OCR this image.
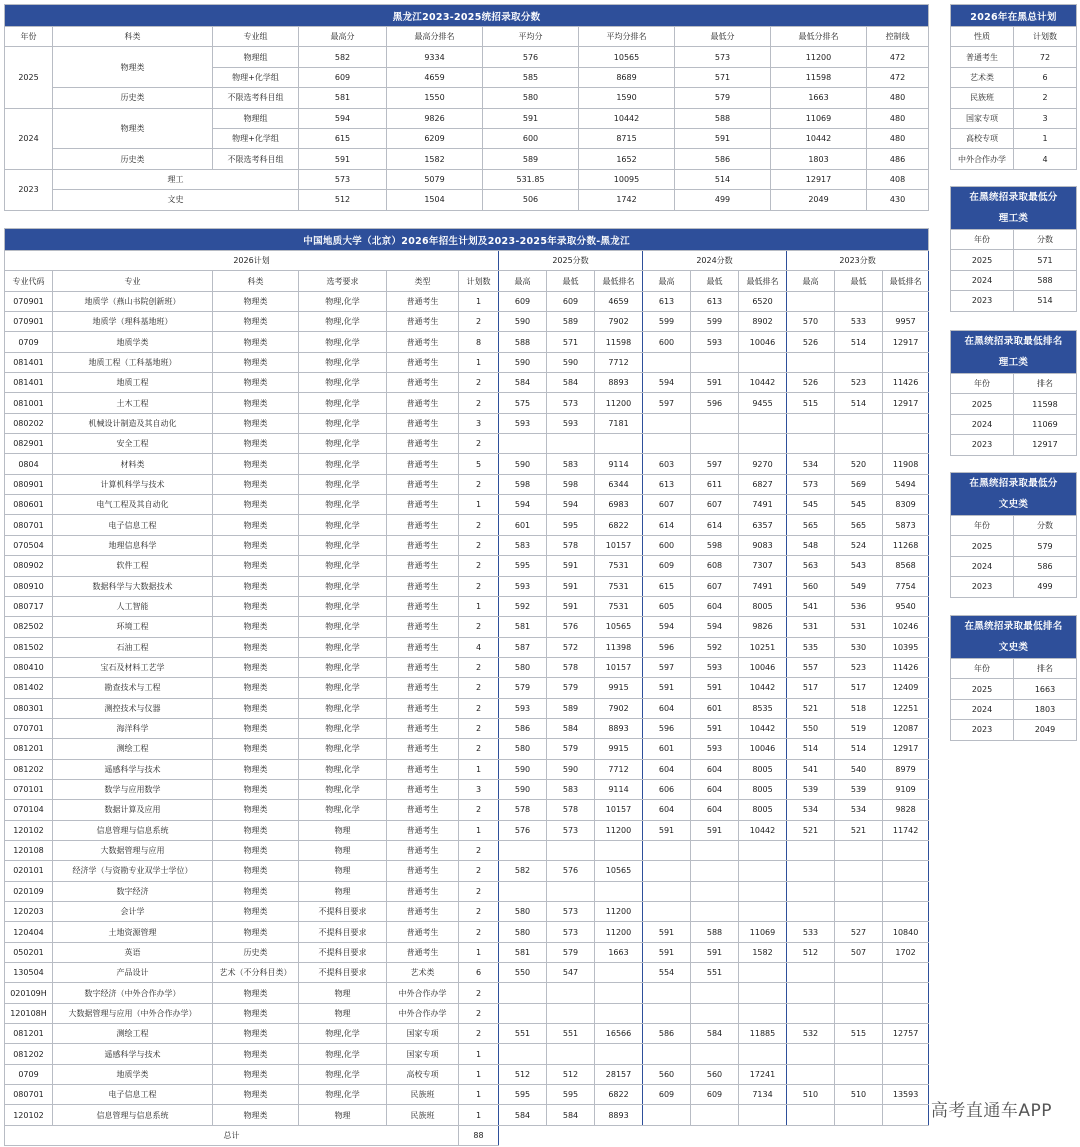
黑龙江2023-2025统招录取分数									
年份	科类	专业组	最高分	最高分排名	平均分	平均分排名	最低分	最低分排名	控制线
2025	物理类	物理组	582	9334	576	10565	573	11200	472
		物理+化学组	609	4659	585	8689	571	11598	472
	历史类	不限选考科目组	581	1550	580	1590	579	1663	480
2024	物理类	物理组	594	9826	591	10442	588	11069	480
		物理+化学组	615	6209	600	8715	591	10442	480
	历史类	不限选考科目组	591	1582	589	1652	586	1803	486
2023	理工		573	5079	531.85	10095	514	12917	408
	文史		512	1504	506	1742	499	2049	430
中国地质大学（北京）2026年招生计划及2023-2025年录取分数-黑龙江														
2026计划						2025分数			2024分数			2023分数		
专业代码	专业	科类	选考要求	类型	计划数	最高	最低	最低排名	最高	最低	最低排名	最高	最低	最低排名
070901	地质学（燕山书院创新班）	物理类	物理,化学	普通考生	1	609	609	4659	613	613	6520			
070901	地质学（理科基地班）	物理类	物理,化学	普通考生	2	590	589	7902	599	599	8902	570	533	9957
0709	地质学类	物理类	物理,化学	普通考生	8	588	571	11598	600	593	10046	526	514	12917
081401	地质工程（工科基地班）	物理类	物理,化学	普通考生	1	590	590	7712						
081401	地质工程	物理类	物理,化学	普通考生	2	584	584	8893	594	591	10442	526	523	11426
081001	土木工程	物理类	物理,化学	普通考生	2	575	573	11200	597	596	9455	515	514	12917
080202	机械设计制造及其自动化	物理类	物理,化学	普通考生	3	593	593	7181						
082901	安全工程	物理类	物理,化学	普通考生	2									
0804	材料类	物理类	物理,化学	普通考生	5	590	583	9114	603	597	9270	534	520	11908
080901	计算机科学与技术	物理类	物理,化学	普通考生	2	598	598	6344	613	611	6827	573	569	5494
080601	电气工程及其自动化	物理类	物理,化学	普通考生	1	594	594	6983	607	607	7491	545	545	8309
080701	电子信息工程	物理类	物理,化学	普通考生	2	601	595	6822	614	614	6357	565	565	5873
070504	地理信息科学	物理类	物理,化学	普通考生	2	583	578	10157	600	598	9083	548	524	11268
080902	软件工程	物理类	物理,化学	普通考生	2	595	591	7531	609	608	7307	563	543	8568
080910	数据科学与大数据技术	物理类	物理,化学	普通考生	2	593	591	7531	615	607	7491	560	549	7754
080717	人工智能	物理类	物理,化学	普通考生	1	592	591	7531	605	604	8005	541	536	9540
082502	环境工程	物理类	物理,化学	普通考生	2	581	576	10565	594	594	9826	531	531	10246
081502	石油工程	物理类	物理,化学	普通考生	4	587	572	11398	596	592	10251	535	530	10395
080410	宝石及材料工艺学	物理类	物理,化学	普通考生	2	580	578	10157	597	593	10046	557	523	11426
081402	勘查技术与工程	物理类	物理,化学	普通考生	2	579	579	9915	591	591	10442	517	517	12409
080301	测控技术与仪器	物理类	物理,化学	普通考生	2	593	589	7902	604	601	8535	521	518	12251
070701	海洋科学	物理类	物理,化学	普通考生	2	586	584	8893	596	591	10442	550	519	12087
081201	测绘工程	物理类	物理,化学	普通考生	2	580	579	9915	601	593	10046	514	514	12917
081202	遥感科学与技术	物理类	物理,化学	普通考生	1	590	590	7712	604	604	8005	541	540	8979
070101	数学与应用数学	物理类	物理,化学	普通考生	3	590	583	9114	606	604	8005	539	539	9109
070104	数据计算及应用	物理类	物理,化学	普通考生	2	578	578	10157	604	604	8005	534	534	9828
120102	信息管理与信息系统	物理类	物理	普通考生	1	576	573	11200	591	591	10442	521	521	11742
120108	大数据管理与应用	物理类	物理	普通考生	2									
020101	经济学（与资勘专业双学士学位）	物理类	物理	普通考生	2	582	576	10565						
020109	数字经济	物理类	物理	普通考生	2									
120203	会计学	物理类	不提科目要求	普通考生	2	580	573	11200						
120404	土地资源管理	物理类	不提科目要求	普通考生	2	580	573	11200	591	588	11069	533	527	10840
050201	英语	历史类	不提科目要求	普通考生	1	581	579	1663	591	591	1582	512	507	1702
130504	产品设计	艺术（不分科目类）	不提科目要求	艺术类	6	550	547		554	551				
020109H	数字经济（中外合作办学）	物理类	物理	中外合作办学	2									
120108H	大数据管理与应用（中外合作办学）	物理类	物理	中外合作办学	2									
081201	测绘工程	物理类	物理,化学	国家专项	2	551	551	16566	586	584	11885	532	515	12757
081202	遥感科学与技术	物理类	物理,化学	国家专项	1									
0709	地质学类	物理类	物理,化学	高校专项	1	512	512	28157	560	560	17241			
080701	电子信息工程	物理类	物理,化学	民族班	1	595	595	6822	609	609	7134	510	510	13593
120102	信息管理与信息系统	物理类	物理	民族班	1	584	584	8893						
总计					88									
2026年在黑总计划	

性质	计划数
普通考生	72
艺术类	6
民族班	2
国家专项	3
高校专项	1
中外合作办学	4
在黑统招录取最低分
理工类	

年份	分数
2025	571
2024	588
2023	514
在黑统招录取最低排名
理工类	

年份	排名
2025	11598
2024	11069
2023	12917
在黑统招录取最低分
文史类	

年份	分数
2025	579
2024	586
2023	499
在黑统招录取最低排名
文史类	

年份	排名
2025	1663
2024	1803
2023	2049
高考直通车APP
